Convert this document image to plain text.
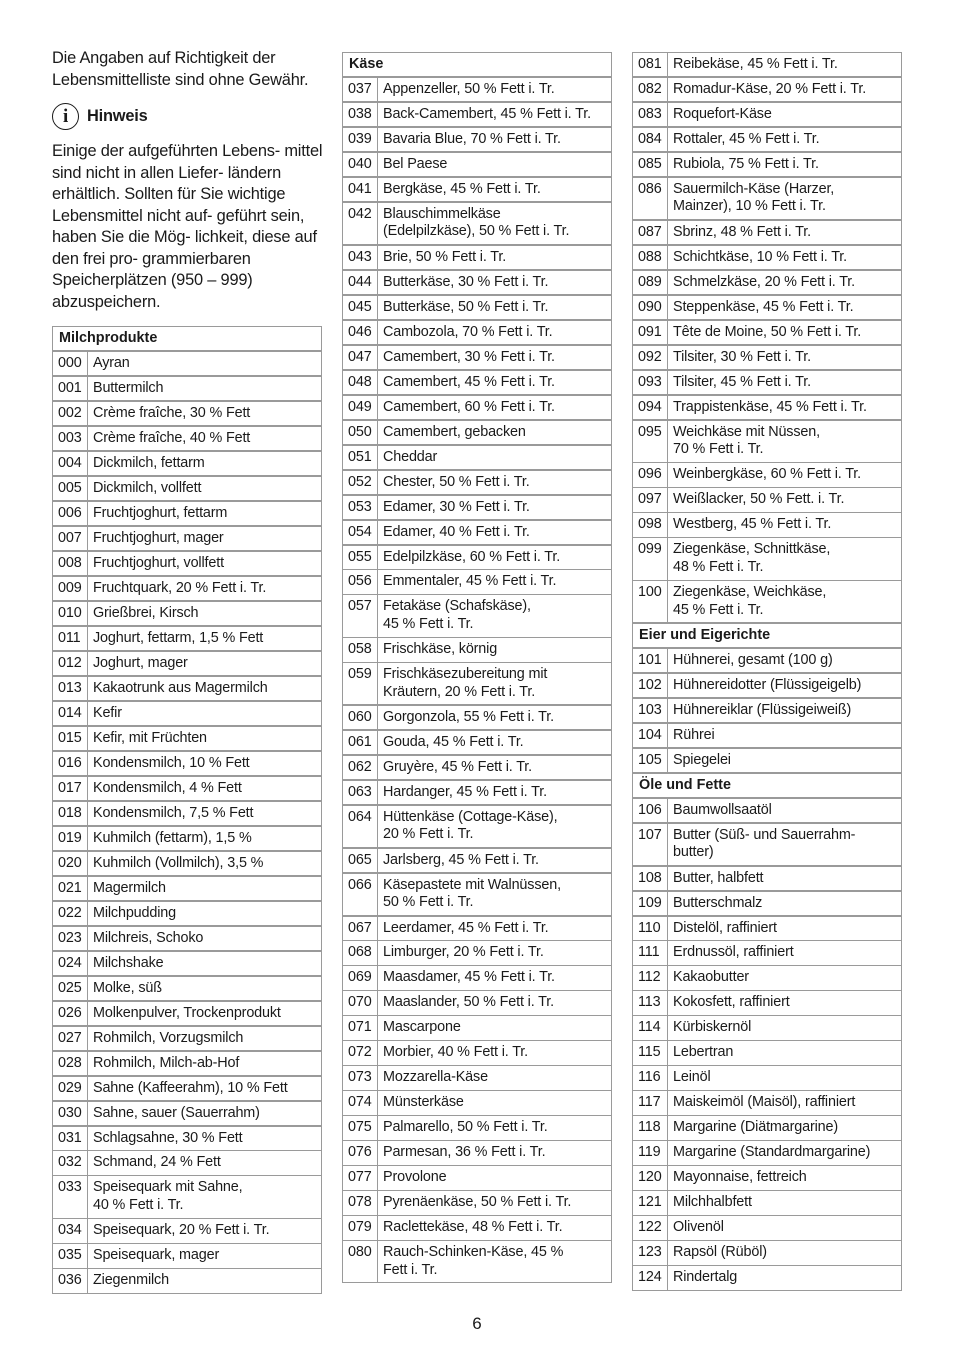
Die Angaben auf Richtigkeit der Lebensmittelliste sind ohne Gewähr.

i	Hinweis

Einige der aufgeführten Lebens- mittel sind nicht in allen Liefer- ländern erhältlich. Sollten für Sie wichtige Lebensmittel nicht auf- geführt sein, haben Sie die Mög- lichkeit, diese auf den frei pro- grammierbaren Speicherplätzen (950 – 999) abzuspeichern.

Milchprodukte
000 Ayran
001 Buttermilch
002 Crème fraîche, 30 % Fett
003 Crème fraîche, 40 % Fett
004 Dickmilch, fettarm
005 Dickmilch, vollfett
006 Fruchtjoghurt, fettarm
007 Fruchtjoghurt, mager
008 Fruchtjoghurt, vollfett
009 Fruchtquark, 20 % Fett i. Tr.
010 Grießbrei, Kirsch
011 Joghurt, fettarm, 1,5 % Fett
012 Joghurt, mager
013 Kakaotrunk aus Magermilch
014 Kefir
015 Kefir, mit Früchten
016 Kondensmilch, 10 % Fett
017 Kondensmilch, 4 % Fett
018 Kondensmilch, 7,5 % Fett
019 Kuhmilch (fettarm), 1,5 %
020 Kuhmilch (Vollmilch), 3,5 %
021 Magermilch
022 Milchpudding
023 Milchreis, Schoko
024 Milchshake
025 Molke, süß
026 Molkenpulver, Trockenprodukt
027 Rohmilch, Vorzugsmilch
028 Rohmilch, Milch-ab-Hof
029 Sahne (Kaffeerahm), 10 % Fett
030 Sahne, sauer (Sauerrahm)
031 Schlagsahne, 30 % Fett
032 Schmand, 24 % Fett
033 Speisequark mit Sahne,
40 % Fett i. Tr.
034 Speisequark, 20 % Fett i. Tr.
035 Speisequark, mager
036 Ziegenmilch
Käse
037 Appenzeller, 50 % Fett i. Tr.
038 Back-Camembert, 45 % Fett i. Tr.
039 Bavaria Blue, 70 % Fett i. Tr.
040 Bel Paese
041 Bergkäse, 45 % Fett i. Tr.
042 Blauschimmelkäse
(Edelpilzkäse), 50 % Fett i. Tr.
043 Brie, 50 % Fett i. Tr.
044 Butterkäse, 30 % Fett i. Tr.
045 Butterkäse, 50 % Fett i. Tr.
046 Cambozola, 70 % Fett i. Tr.
047 Camembert, 30 % Fett i. Tr.
048 Camembert, 45 % Fett i. Tr.
049 Camembert, 60 % Fett i. Tr.
050 Camembert, gebacken
051 Cheddar
052 Chester, 50 % Fett i. Tr.
053 Edamer, 30 % Fett i. Tr.
054 Edamer, 40 % Fett i. Tr.
055 Edelpilzkäse, 60 % Fett i. Tr.
056 Emmentaler, 45 % Fett i. Tr.
057 Fetakäse (Schafskäse),
45 % Fett i. Tr.
058 Frischkäse, körnig
059 Frischkäsezubereitung mit
Kräutern, 20 % Fett i. Tr.
060 Gorgonzola, 55 % Fett i. Tr.
061 Gouda, 45 % Fett i. Tr.
062 Gruyère, 45 % Fett i. Tr.
063 Hardanger, 45 % Fett i. Tr.
064 Hüttenkäse (Cottage-Käse),
20 % Fett i. Tr.
065 Jarlsberg, 45 % Fett i. Tr.
066 Käsepastete mit Walnüssen,
50 % Fett i. Tr.
067 Leerdamer, 45 % Fett i. Tr.
068 Limburger, 20 % Fett i. Tr.
069 Maasdamer, 45 % Fett i. Tr.
070 Maaslander, 50 % Fett i. Tr.
071 Mascarpone
072 Morbier, 40 % Fett i. Tr.
073 Mozzarella-Käse
074 Münsterkäse
075 Palmarello, 50 % Fett i. Tr.
076 Parmesan, 36 % Fett i. Tr.
077 Provolone
078 Pyrenäenkäse, 50 % Fett i. Tr.
079 Raclettekäse, 48 % Fett i. Tr.
080 Rauch-Schinken-Käse, 45 %
Fett i. Tr.
081 Reibekäse, 45 % Fett i. Tr.
082 Romadur-Käse, 20 % Fett i. Tr.
083 Roquefort-Käse
084 Rottaler, 45 % Fett i. Tr.
085 Rubiola, 75 % Fett i. Tr.
086 Sauermilch-Käse (Harzer,
Mainzer), 10 % Fett i. Tr.
087 Sbrinz, 48 % Fett i. Tr.
088 Schichtkäse, 10 % Fett i. Tr.
089 Schmelzkäse, 20 % Fett i. Tr.
090 Steppenkäse, 45 % Fett i. Tr.
091 Tête de Moine, 50 % Fett i. Tr.
092 Tilsiter, 30 % Fett i. Tr.
093 Tilsiter, 45 % Fett i. Tr.
094 Trappistenkäse, 45 % Fett i. Tr.
095 Weichkäse mit Nüssen,
70 % Fett i. Tr.
096 Weinbergkäse, 60 % Fett i. Tr.
097 Weißlacker, 50 % Fett. i. Tr.
098 Westberg, 45 % Fett i. Tr.
099 Ziegenkäse, Schnittkäse,
48 % Fett i. Tr.
100 Ziegenkäse, Weichkäse,
45 % Fett i. Tr.
Eier und Eigerichte
101 Hühnerei, gesamt (100 g)
102 Hühnereidotter (Flüssigeigelb)
103 Hühnereiklar (Flüssigeiweiß)
104 Rührei
105 Spiegelei
Öle und Fette
106 Baumwollsaatöl
107 Butter (Süß- und Sauerrahm-
butter)
108 Butter, halbfett
109 Butterschmalz
110 Distelöl, raffiniert
111 Erdnussöl, raffiniert
112 Kakaobutter
113 Kokosfett, raffiniert
114 Kürbiskernöl
115 Lebertran
116 Leinöl
117 Maiskeimöl (Maisöl), raffiniert
118 Margarine (Diätmargarine)
119 Margarine (Standardmargarine)
120 Mayonnaise, fettreich
121 Milchhalbfett
122 Olivenöl
123 Rapsöl (Rüböl)
124 Rindertalg
6
